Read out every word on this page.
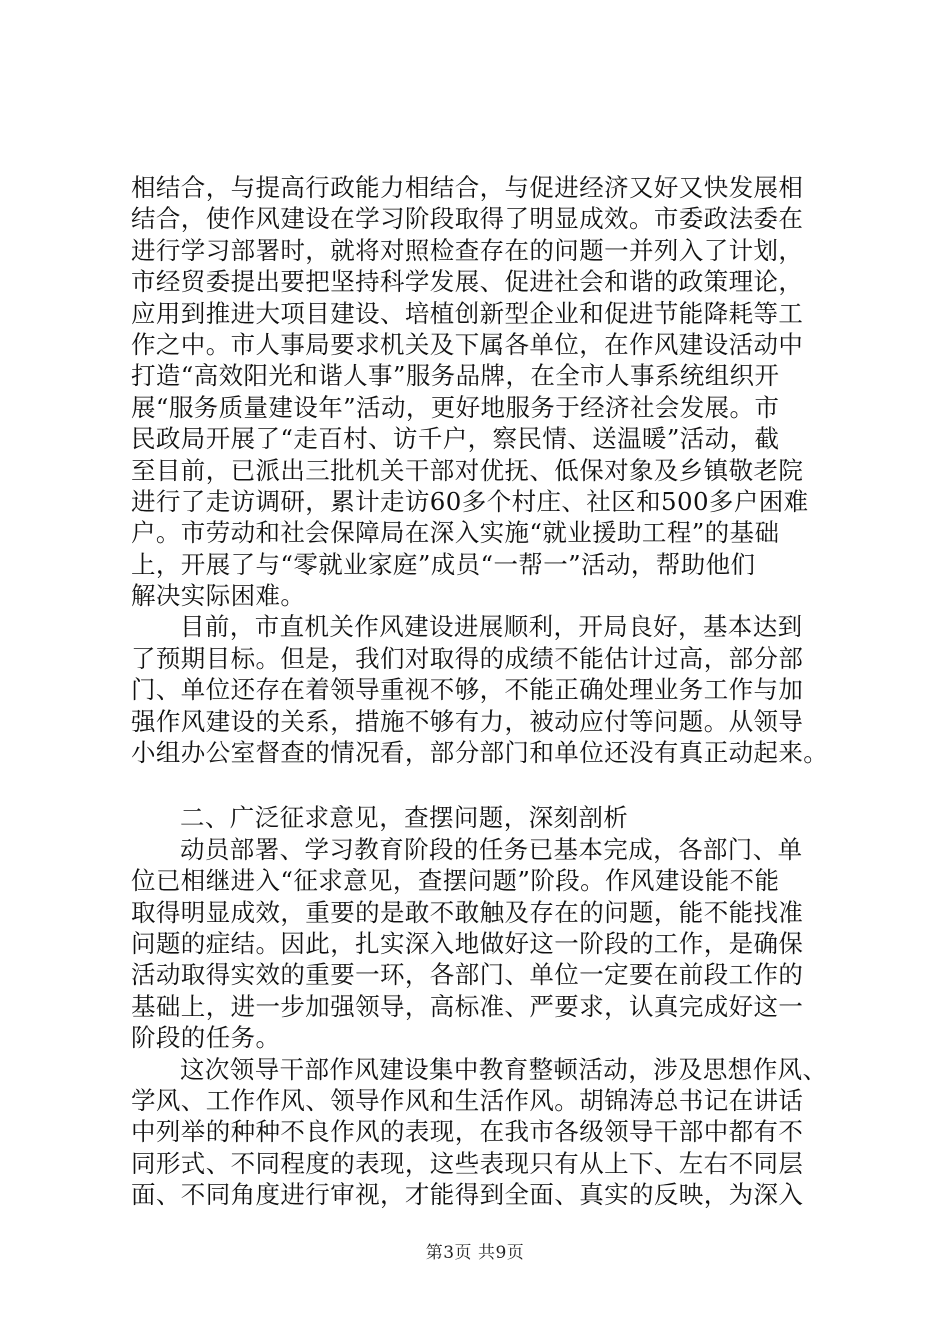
相结合，与提高行政能力相结合，与促进经济又好又快发展相
结合，使作风建设在学习阶段取得了明显成效。市委政法委在
进行学习部署时，就将对照检查存在的问题一并列入了计划，
市经贸委提出要把坚持科学发展、促进社会和谐的政策理论，
应用到推进大项目建设、培植创新型企业和促进节能降耗等工
作之中。市人事局要求机关及下属各单位，在作风建设活动中
打造“高效阳光和谐人事”服务品牌，在全市人事系统组织开
展“服务质量建设年”活动，更好地服务于经济社会发展。市
民政局开展了“走百村、访千户，察民情、送温暖”活动，截
至目前，已派出三批机关干部对优抚、低保对象及乡镇敬老院
进行了走访调研，累计走访60多个村庄、社区和500多户困难
户。市劳动和社会保障局在深入实施“就业援助工程”的基础
上，开展了与“零就业家庭”成员“一帮一”活动，帮助他们
解决实际困难。
目前，市直机关作风建设进展顺利，开局良好，基本达到
了预期目标。但是，我们对取得的成绩不能估计过高，部分部
门、单位还存在着领导重视不够，不能正确处理业务工作与加
强作风建设的关系，措施不够有力，被动应付等问题。从领导
小组办公室督查的情况看，部分部门和单位还没有真正动起来。
二、广泛征求意见，查摆问题，深刻剖析
动员部署、学习教育阶段的任务已基本完成，各部门、单
位已相继进入“征求意见，查摆问题”阶段。作风建设能不能
取得明显成效，重要的是敢不敢触及存在的问题，能不能找准
问题的症结。因此，扎实深入地做好这一阶段的工作，是确保
活动取得实效的重要一环，各部门、单位一定要在前段工作的
基础上，进一步加强领导，高标准、严要求，认真完成好这一
阶段的任务。
这次领导干部作风建设集中教育整顿活动，涉及思想作风、
学风、工作作风、领导作风和生活作风。胡锦涛总书记在讲话
中列举的种种不良作风的表现，在我市各级领导干部中都有不
同形式、不同程度的表现，这些表现只有从上下、左右不同层
面、不同角度进行审视，才能得到全面、真实的反映，为深入
第3页 共9页
